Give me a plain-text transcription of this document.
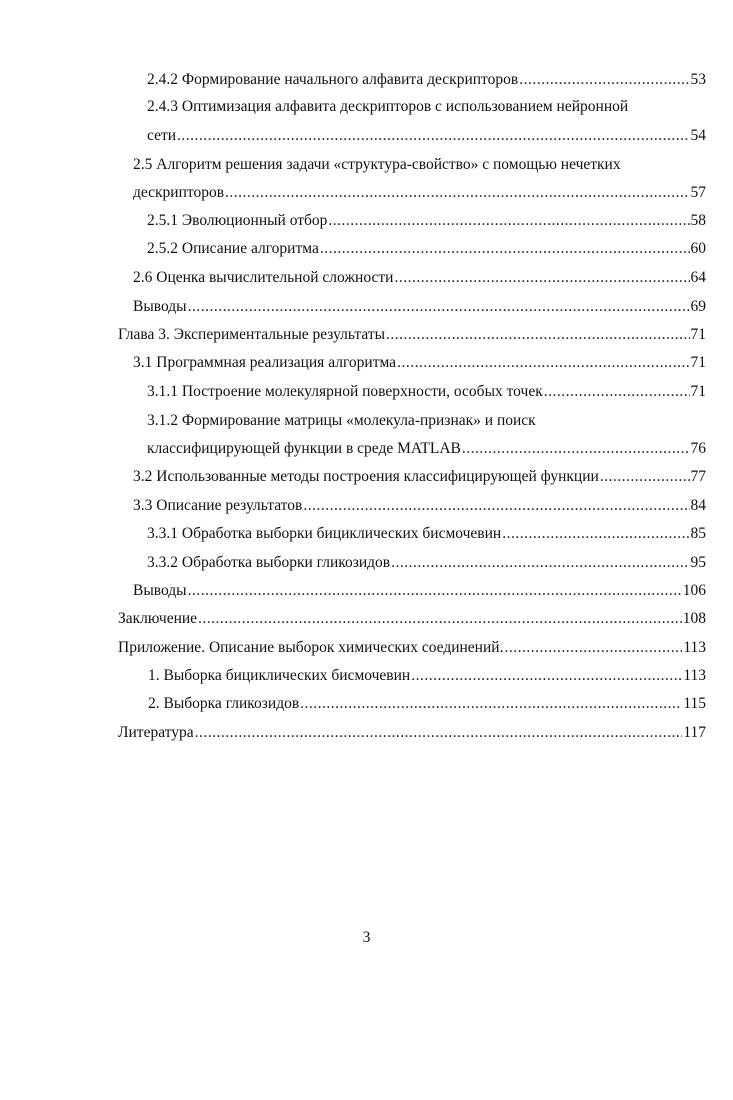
2.4.2 Формирование начального алфавита дескрипторов .....	53
2.4.3 Оптимизация алфавита дескрипторов с использованием нейронной
сети .....	54
2.5 Алгоритм решения задачи «структура-свойство» с помощью нечетких
дескрипторов .....	57
2.5.1 Эволюционный отбор .....	58
2.5.2 Описание алгоритма .....	60
2.6 Оценка вычислительной сложности .....	64
Выводы .....	69
Глава 3. Экспериментальные результаты .....	71
3.1 Программная реализация алгоритма .....	71
3.1.1 Построение молекулярной поверхности, особых точек .....	71
3.1.2 Формирование матрицы «молекула-признак» и поиск
классифицирующей функции в среде MATLAB .....	76
3.2 Использованные методы построения классифицирующей функции .....	77
3.3 Описание результатов .....	84
3.3.1 Обработка выборки бициклических бисмочевин .....	85
3.3.2 Обработка выборки гликозидов .....	95
Выводы .....	106
Заключение .....	108
Приложение. Описание выборок химических соединений. .....	113
1. Выборка бициклических бисмочевин .....	113
2. Выборка гликозидов .....	115
Литература .....	117
3
